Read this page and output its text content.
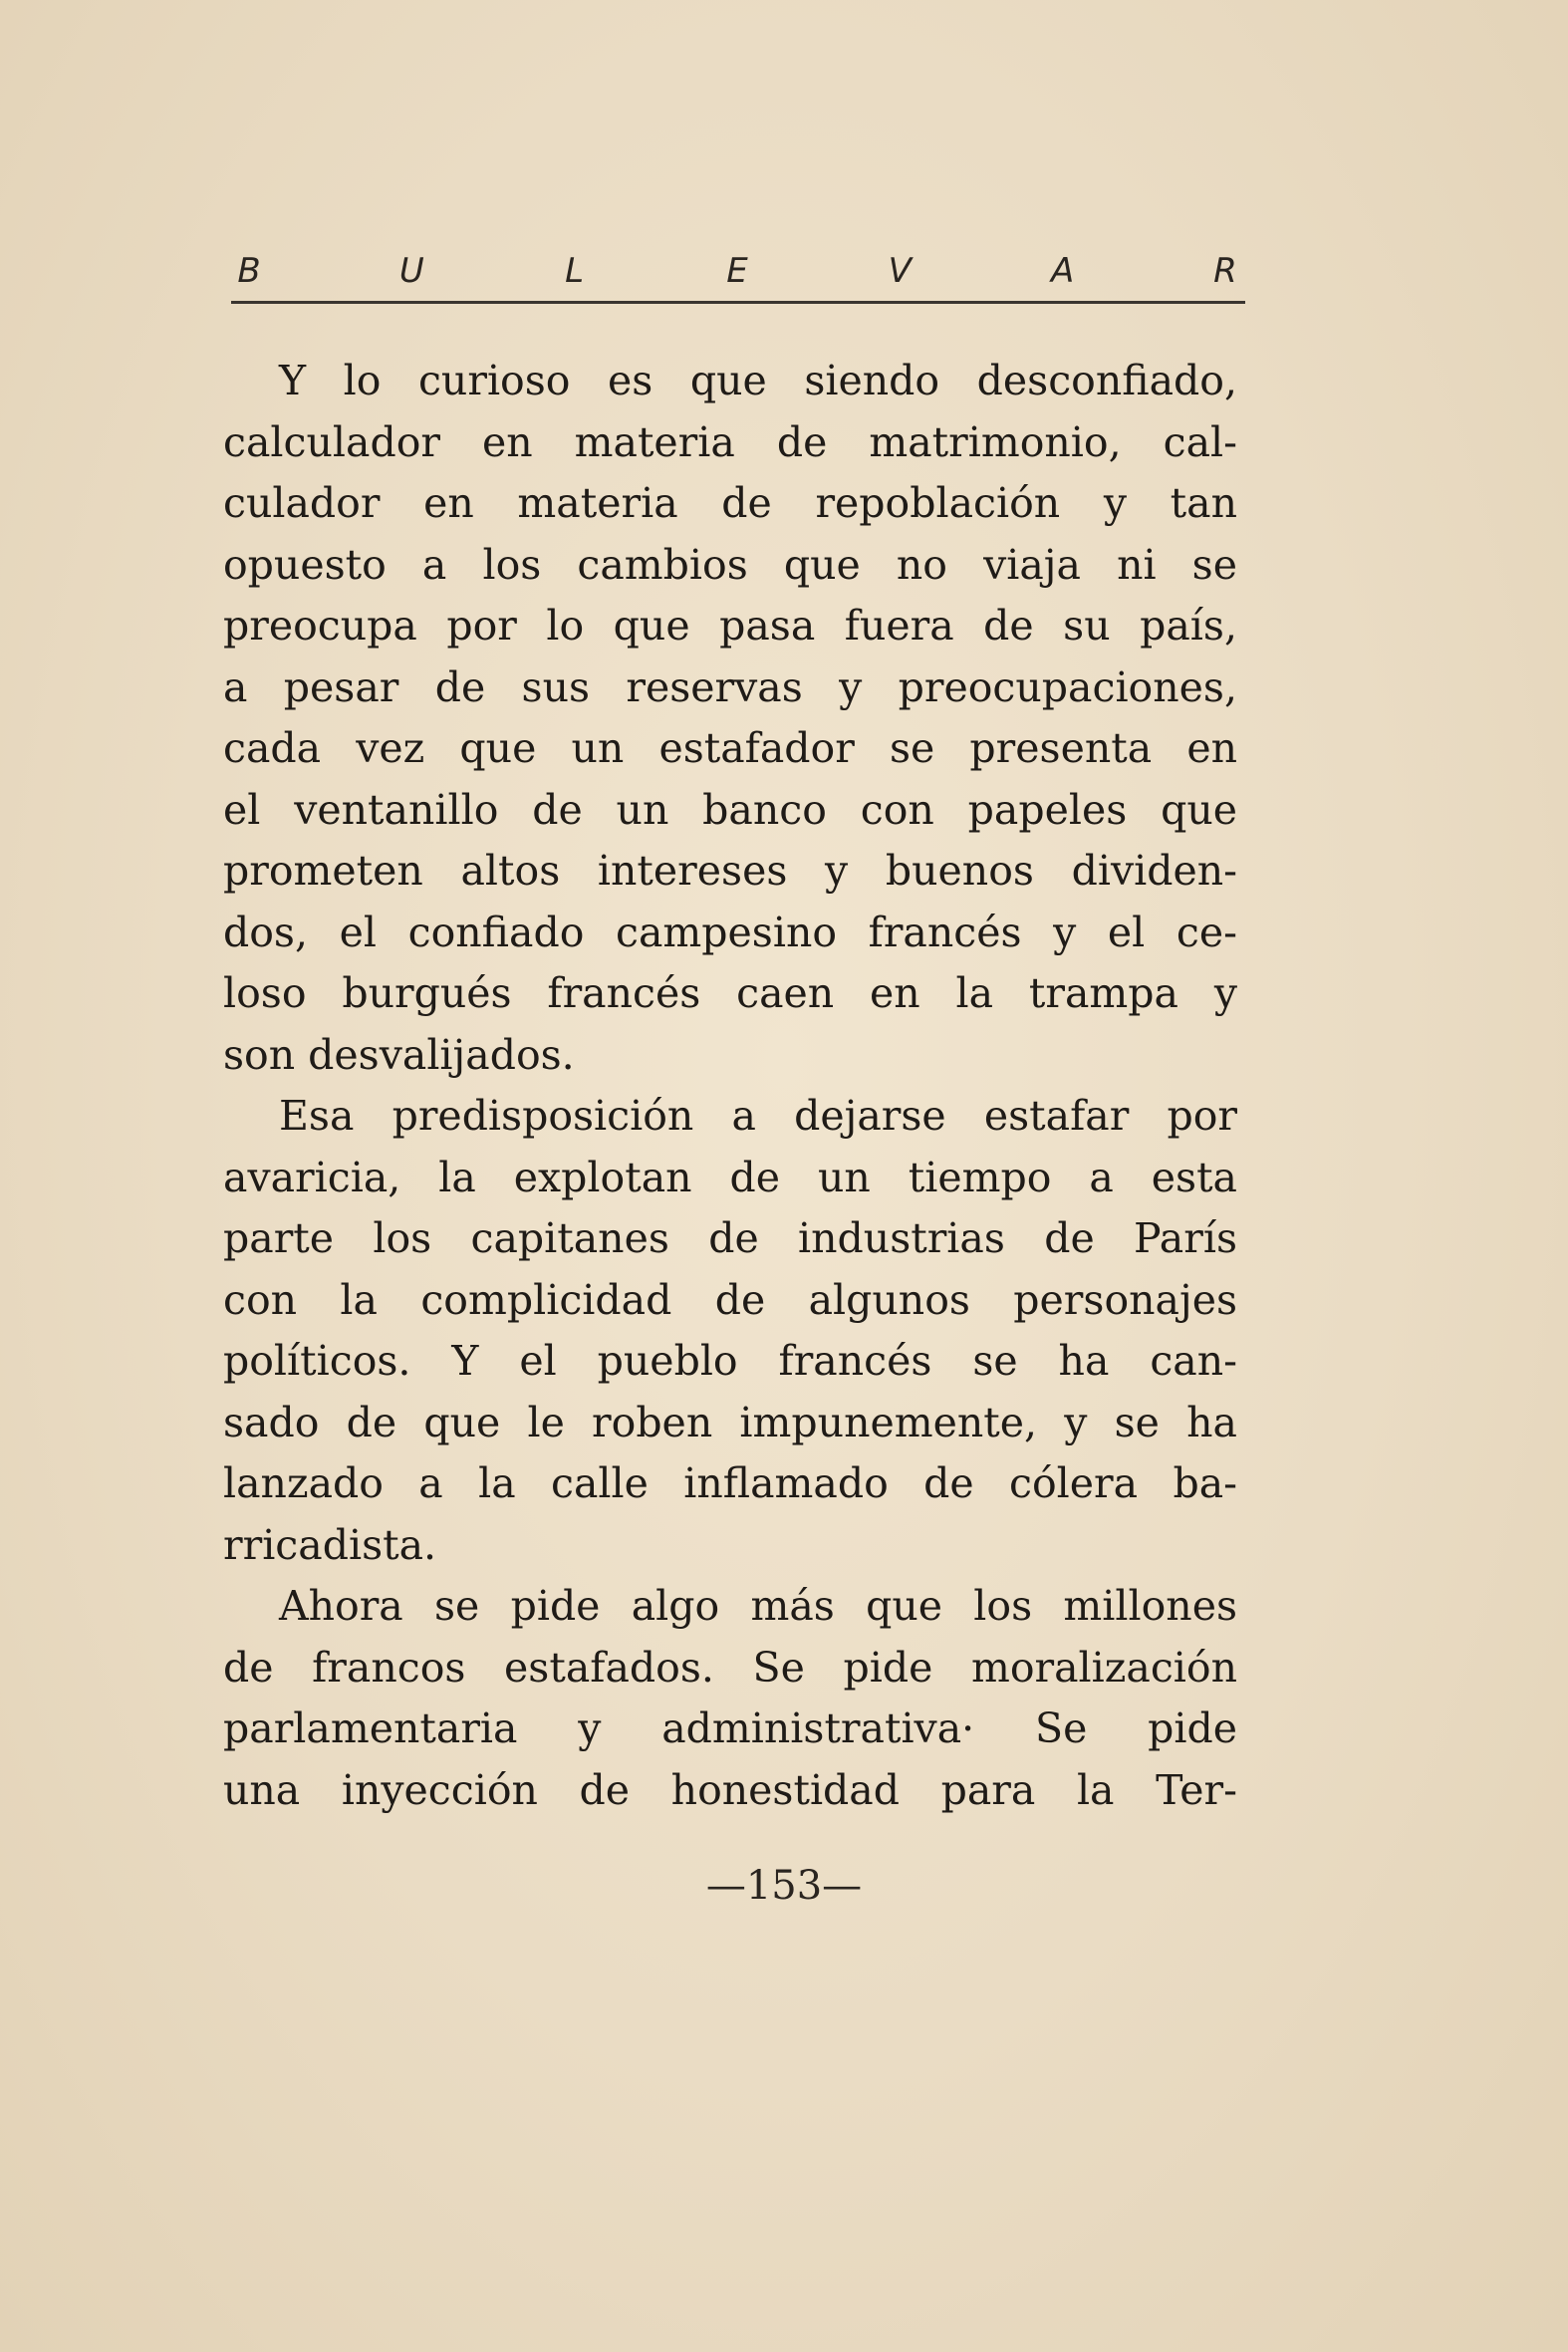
B	U	L	E	V	A	R
Y lo curioso es que siendo desconfiado,
calculador en materia de matrimonio, cal-
culador en materia de repoblación y tan
opuesto a los cambios que no viaja ni se
preocupa por lo que pasa fuera de su país,
a pesar de sus reservas y preocupaciones,
cada vez que un estafador se presenta en
el ventanillo de un banco con papeles que
prometen altos intereses y buenos dividen-
dos, el confiado campesino francés y el ce-
loso burgués francés caen en la trampa y
son desvalijados.
Esa predisposición a dejarse estafar por
avaricia, la explotan de un tiempo a esta
parte los capitanes de industrias de París
con la complicidad de algunos personajes
políticos. Y el pueblo francés se ha can-
sado de que le roben impunemente, y se ha
lanzado a la calle inflamado de cólera ba-
rricadista.
Ahora se pide algo más que los millones
de francos estafados. Se pide moralización
parlamentaria y administrativa· Se pide
una inyección de honestidad para la Ter-
—153—
